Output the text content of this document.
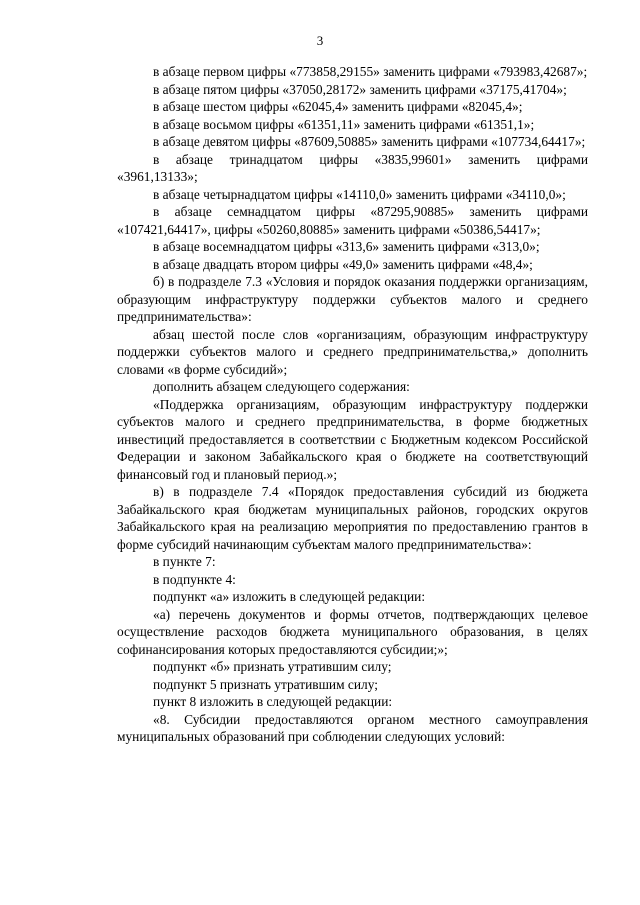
3

в абзаце первом цифры «773858,29155» заменить цифрами «793983,42687»;

в абзаце пятом цифры «37050,28172» заменить цифрами «37175,41704»;

в абзаце шестом цифры «62045,4» заменить цифрами «82045,4»;

в абзаце восьмом цифры «61351,11» заменить цифрами «61351,1»;

в абзаце девятом цифры «87609,50885» заменить цифрами «107734,64417»;

в абзаце тринадцатом цифры «3835,99601» заменить цифрами «3961,13133»;

в абзаце четырнадцатом цифры «14110,0» заменить цифрами «34110,0»;

в абзаце семнадцатом цифры «87295,90885» заменить цифрами «107421,64417», цифры «50260,80885» заменить цифрами «50386,54417»;

в абзаце восемнадцатом цифры «313,6» заменить цифрами «313,0»;

в абзаце двадцать втором цифры «49,0» заменить цифрами «48,4»;

б) в подразделе 7.3 «Условия и порядок оказания поддержки организациям, образующим инфраструктуру поддержки субъектов малого и среднего предпринимательства»:

абзац шестой после слов «организациям, образующим инфраструктуру поддержки субъектов малого и среднего предпринимательства,» дополнить словами «в форме субсидий»;

дополнить абзацем следующего содержания:

«Поддержка организациям, образующим инфраструктуру поддержки субъектов малого и среднего предпринимательства, в форме бюджетных инвестиций предоставляется в соответствии с Бюджетным кодексом Российской Федерации и законом Забайкальского края о бюджете на соответствующий финансовый год и плановый период.»;

в) в подразделе 7.4 «Порядок предоставления субсидий из бюджета Забайкальского края бюджетам муниципальных районов, городских округов Забайкальского края на реализацию мероприятия по предоставлению грантов в форме субсидий начинающим субъектам малого предпринимательства»:

в пункте 7:

в подпункте 4:

подпункт «а» изложить в следующей редакции:

«а) перечень документов и формы отчетов, подтверждающих целевое осуществление расходов бюджета муниципального образования, в целях софинансирования которых предоставляются субсидии;»;

подпункт «б» признать утратившим силу;

подпункт 5 признать утратившим силу;

пункт 8 изложить в следующей редакции:

«8. Субсидии предоставляются органом местного самоуправления муниципальных образований при соблюдении следующих условий:
